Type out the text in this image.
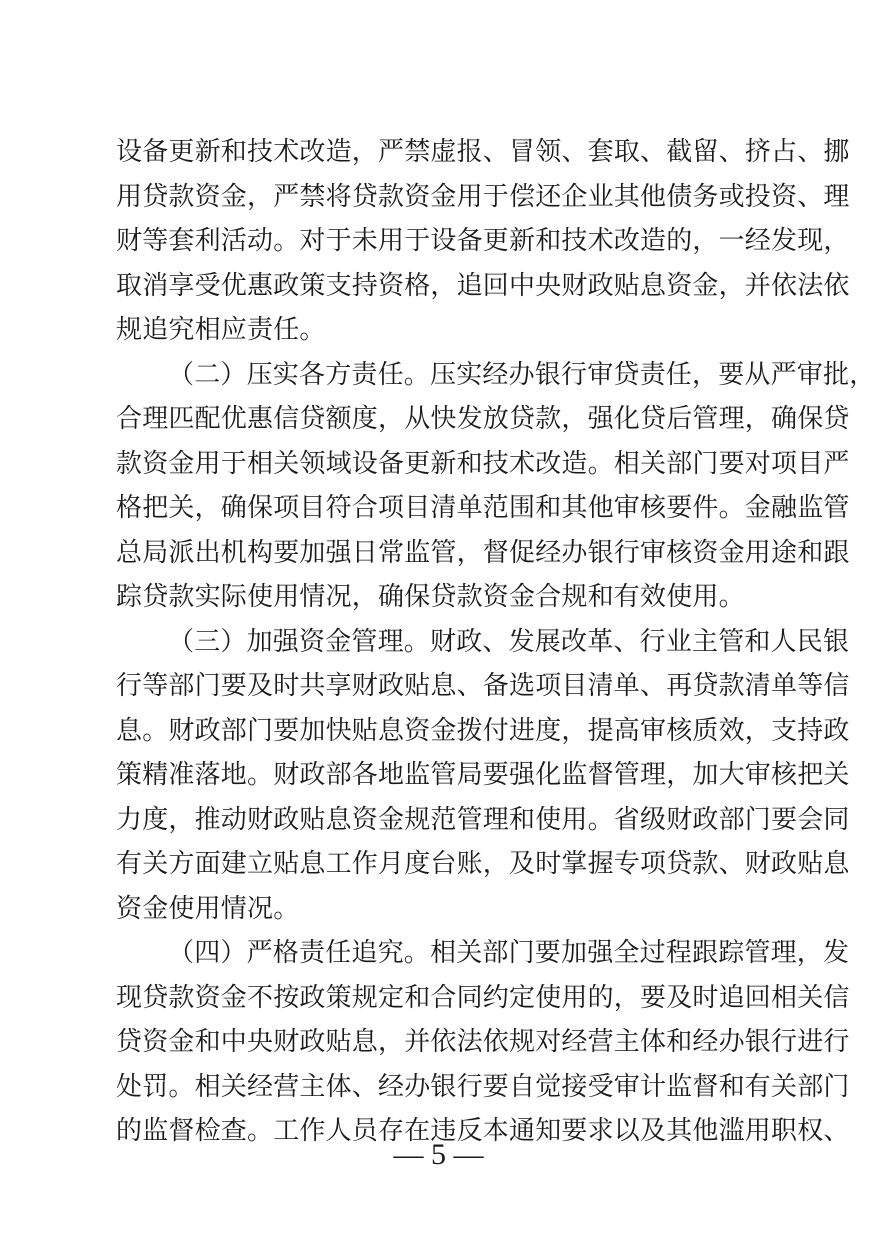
设备更新和技术改造，严禁虚报、冒领、套取、截留、挤占、挪
用贷款资金，严禁将贷款资金用于偿还企业其他债务或投资、理
财等套利活动。对于未用于设备更新和技术改造的，一经发现，
取消享受优惠政策支持资格，追回中央财政贴息资金，并依法依
规追究相应责任。
（二）压实各方责任。压实经办银行审贷责任，要从严审批，
合理匹配优惠信贷额度，从快发放贷款，强化贷后管理，确保贷
款资金用于相关领域设备更新和技术改造。相关部门要对项目严
格把关，确保项目符合项目清单范围和其他审核要件。金融监管
总局派出机构要加强日常监管，督促经办银行审核资金用途和跟
踪贷款实际使用情况，确保贷款资金合规和有效使用。
（三）加强资金管理。财政、发展改革、行业主管和人民银
行等部门要及时共享财政贴息、备选项目清单、再贷款清单等信
息。财政部门要加快贴息资金拨付进度，提高审核质效，支持政
策精准落地。财政部各地监管局要强化监督管理，加大审核把关
力度，推动财政贴息资金规范管理和使用。省级财政部门要会同
有关方面建立贴息工作月度台账，及时掌握专项贷款、财政贴息
资金使用情况。
（四）严格责任追究。相关部门要加强全过程跟踪管理，发
现贷款资金不按政策规定和合同约定使用的，要及时追回相关信
贷资金和中央财政贴息，并依法依规对经营主体和经办银行进行
处罚。相关经营主体、经办银行要自觉接受审计监督和有关部门
的监督检查。工作人员存在违反本通知要求以及其他滥用职权、
— 5 —
